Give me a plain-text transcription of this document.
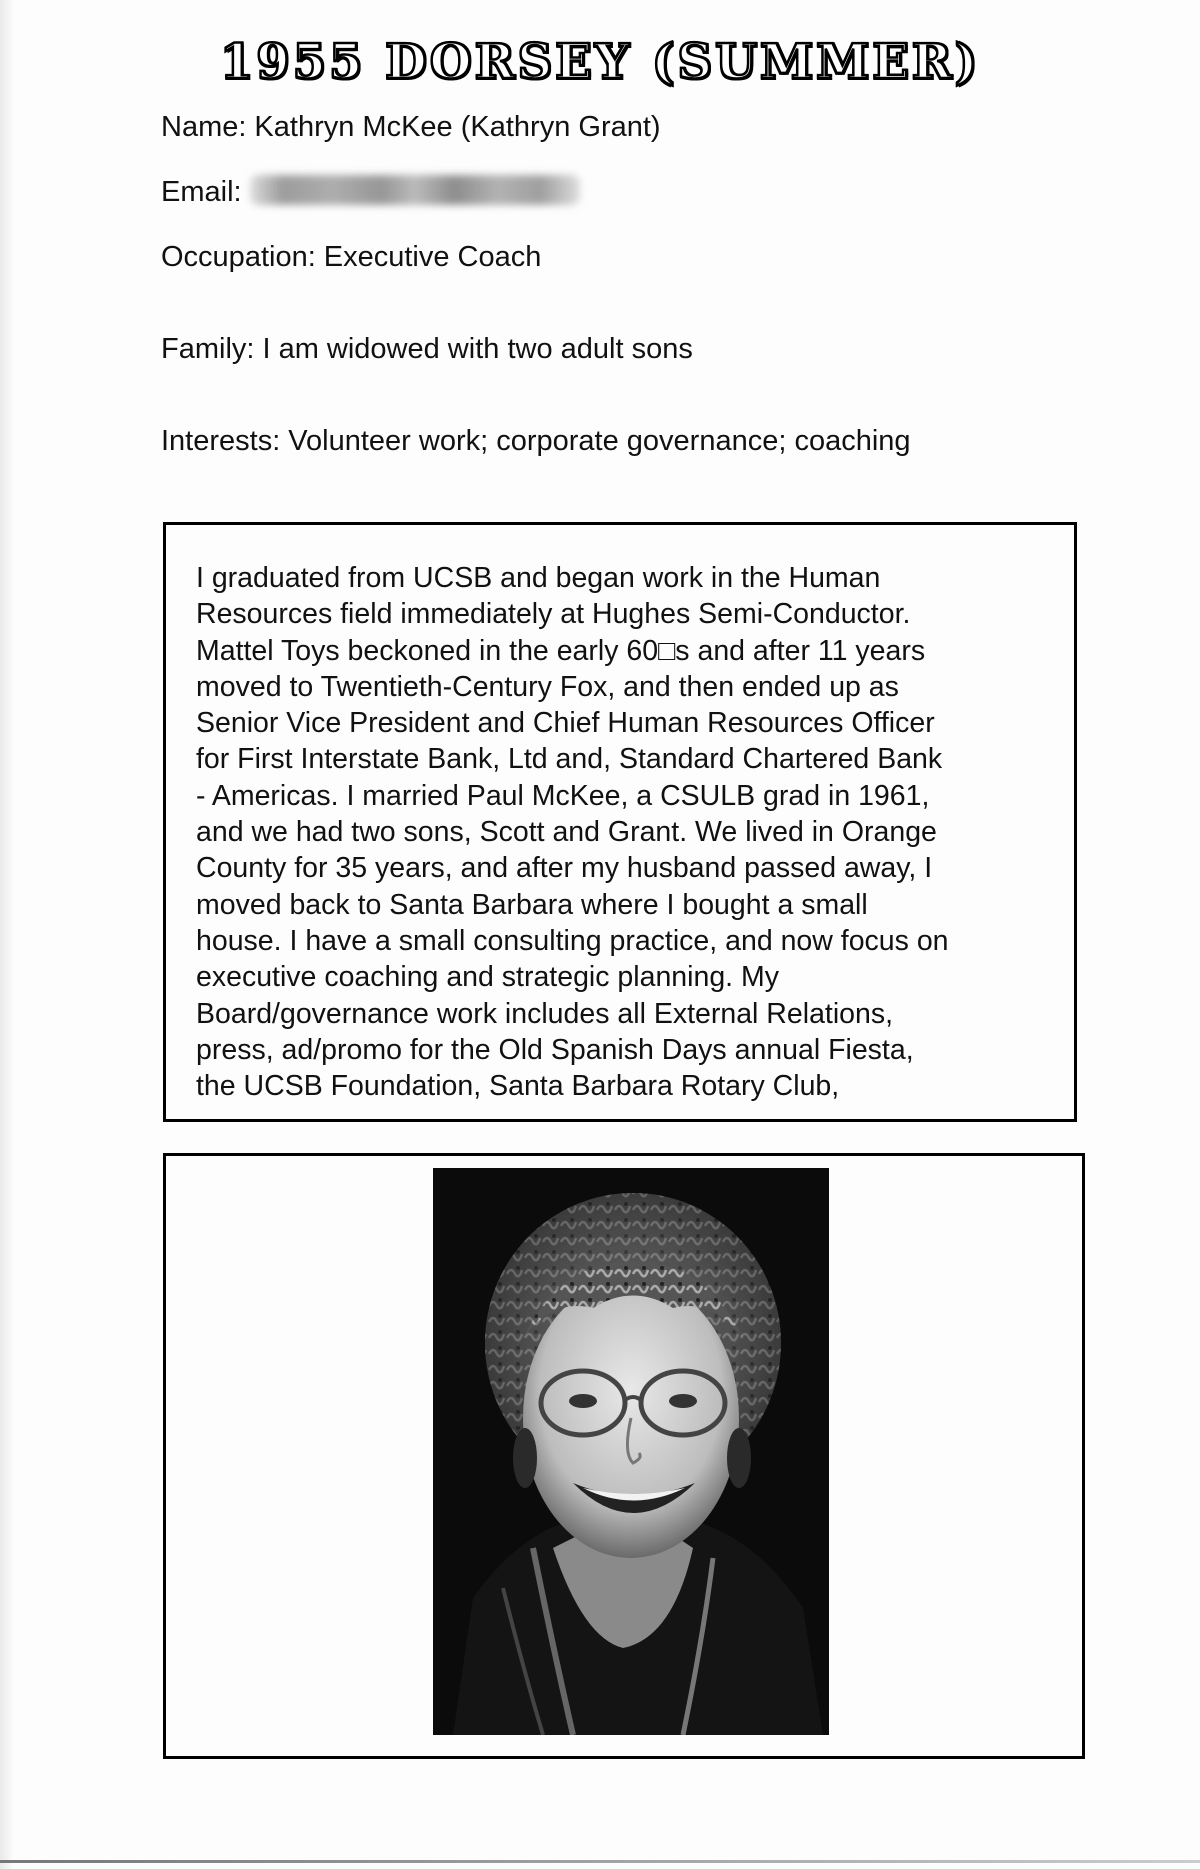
1955 DORSEY (SUMMER)
Name: Kathryn McKee (Kathryn Grant)
Email:
Occupation: Executive Coach
Family: I am widowed with two adult sons
Interests: Volunteer work; corporate governance; coaching
I graduated from UCSB and began work in the Human
Resources field immediately at Hughes Semi-Conductor.
Mattel Toys beckoned in the early 60□s and after 11 years
moved to Twentieth-Century Fox, and then ended up as
Senior Vice President and Chief Human Resources Officer
for First Interstate Bank, Ltd and, Standard Chartered Bank
- Americas. I married Paul McKee, a CSULB grad in 1961,
and we had two sons, Scott and Grant. We lived in Orange
County for 35 years, and after my husband passed away, I
moved back to Santa Barbara where I bought a small
house. I have a small consulting practice, and now focus on
executive coaching and strategic planning. My
Board/governance work includes all External Relations,
press, ad/promo for the Old Spanish Days annual Fiesta,
the UCSB Foundation, Santa Barbara Rotary Club,
